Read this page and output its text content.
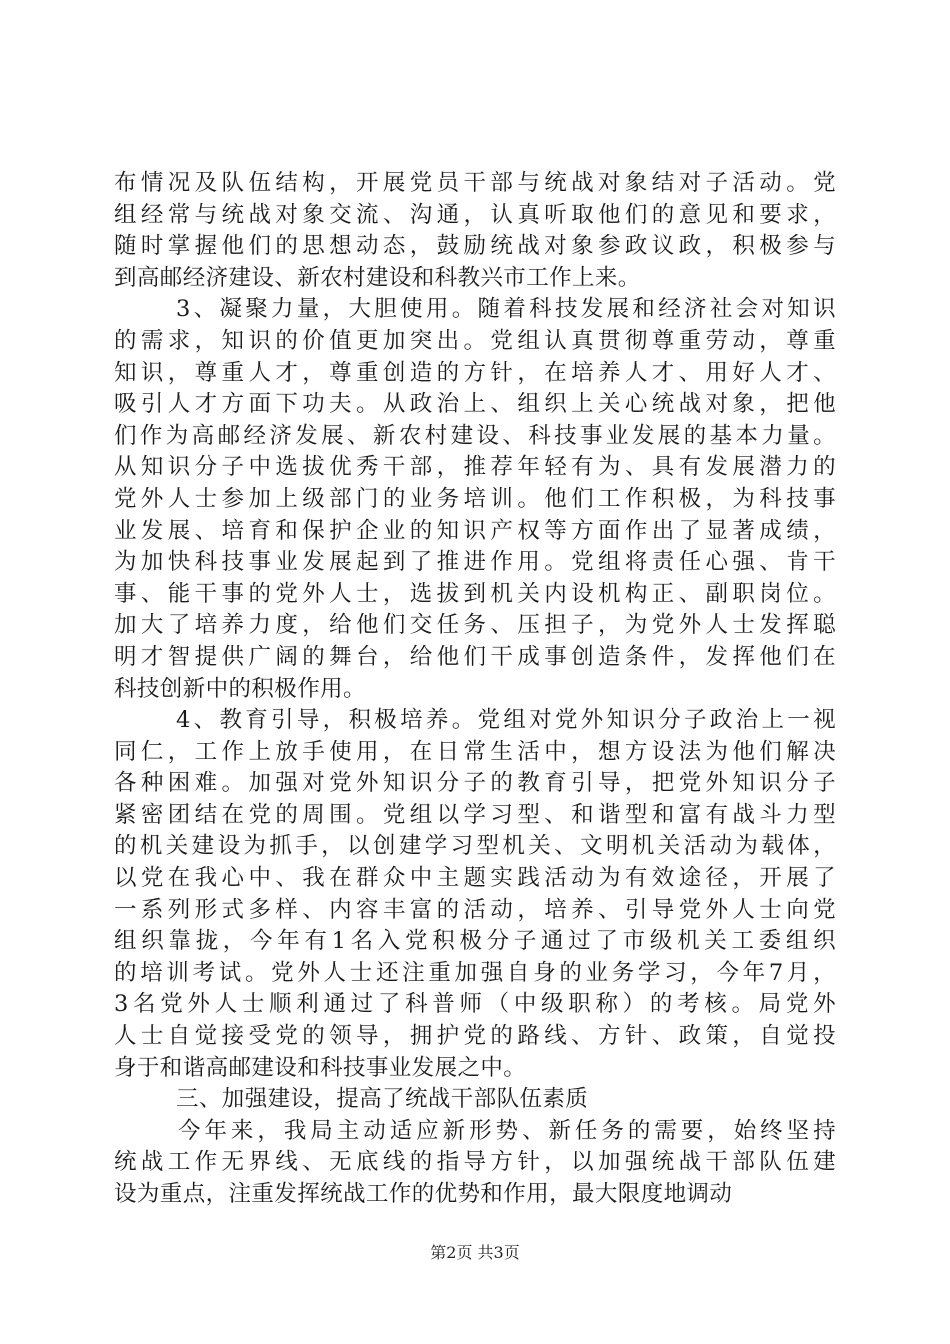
布情况及队伍结构，开展党员干部与统战对象结对子活动。党
组经常与统战对象交流、沟通，认真听取他们的意见和要求，
随时掌握他们的思想动态，鼓励统战对象参政议政，积极参与
到高邮经济建设、新农村建设和科教兴市工作上来。
3、凝聚力量，大胆使用。随着科技发展和经济社会对知识
的需求，知识的价值更加突出。党组认真贯彻尊重劳动，尊重
知识，尊重人才，尊重创造的方针，在培养人才、用好人才、
吸引人才方面下功夫。从政治上、组织上关心统战对象，把他
们作为高邮经济发展、新农村建设、科技事业发展的基本力量。
从知识分子中选拔优秀干部，推荐年轻有为、具有发展潜力的
党外人士参加上级部门的业务培训。他们工作积极，为科技事
业发展、培育和保护企业的知识产权等方面作出了显著成绩，
为加快科技事业发展起到了推进作用。党组将责任心强、肯干
事、能干事的党外人士，选拔到机关内设机构正、副职岗位。
加大了培养力度，给他们交任务、压担子，为党外人士发挥聪
明才智提供广阔的舞台，给他们干成事创造条件，发挥他们在
科技创新中的积极作用。
4、教育引导，积极培养。党组对党外知识分子政治上一视
同仁，工作上放手使用，在日常生活中，想方设法为他们解决
各种困难。加强对党外知识分子的教育引导，把党外知识分子
紧密团结在党的周围。党组以学习型、和谐型和富有战斗力型
的机关建设为抓手，以创建学习型机关、文明机关活动为载体，
以党在我心中、我在群众中主题实践活动为有效途径，开展了
一系列形式多样、内容丰富的活动，培养、引导党外人士向党
组织靠拢，今年有1名入党积极分子通过了市级机关工委组织
的培训考试。党外人士还注重加强自身的业务学习，今年7月，
3名党外人士顺利通过了科普师（中级职称）的考核。局党外
人士自觉接受党的领导，拥护党的路线、方针、政策，自觉投
身于和谐高邮建设和科技事业发展之中。
三、加强建设，提高了统战干部队伍素质
今年来，我局主动适应新形势、新任务的需要，始终坚持
统战工作无界线、无底线的指导方针，以加强统战干部队伍建
设为重点，注重发挥统战工作的优势和作用，最大限度地调动
第2页 共3页
